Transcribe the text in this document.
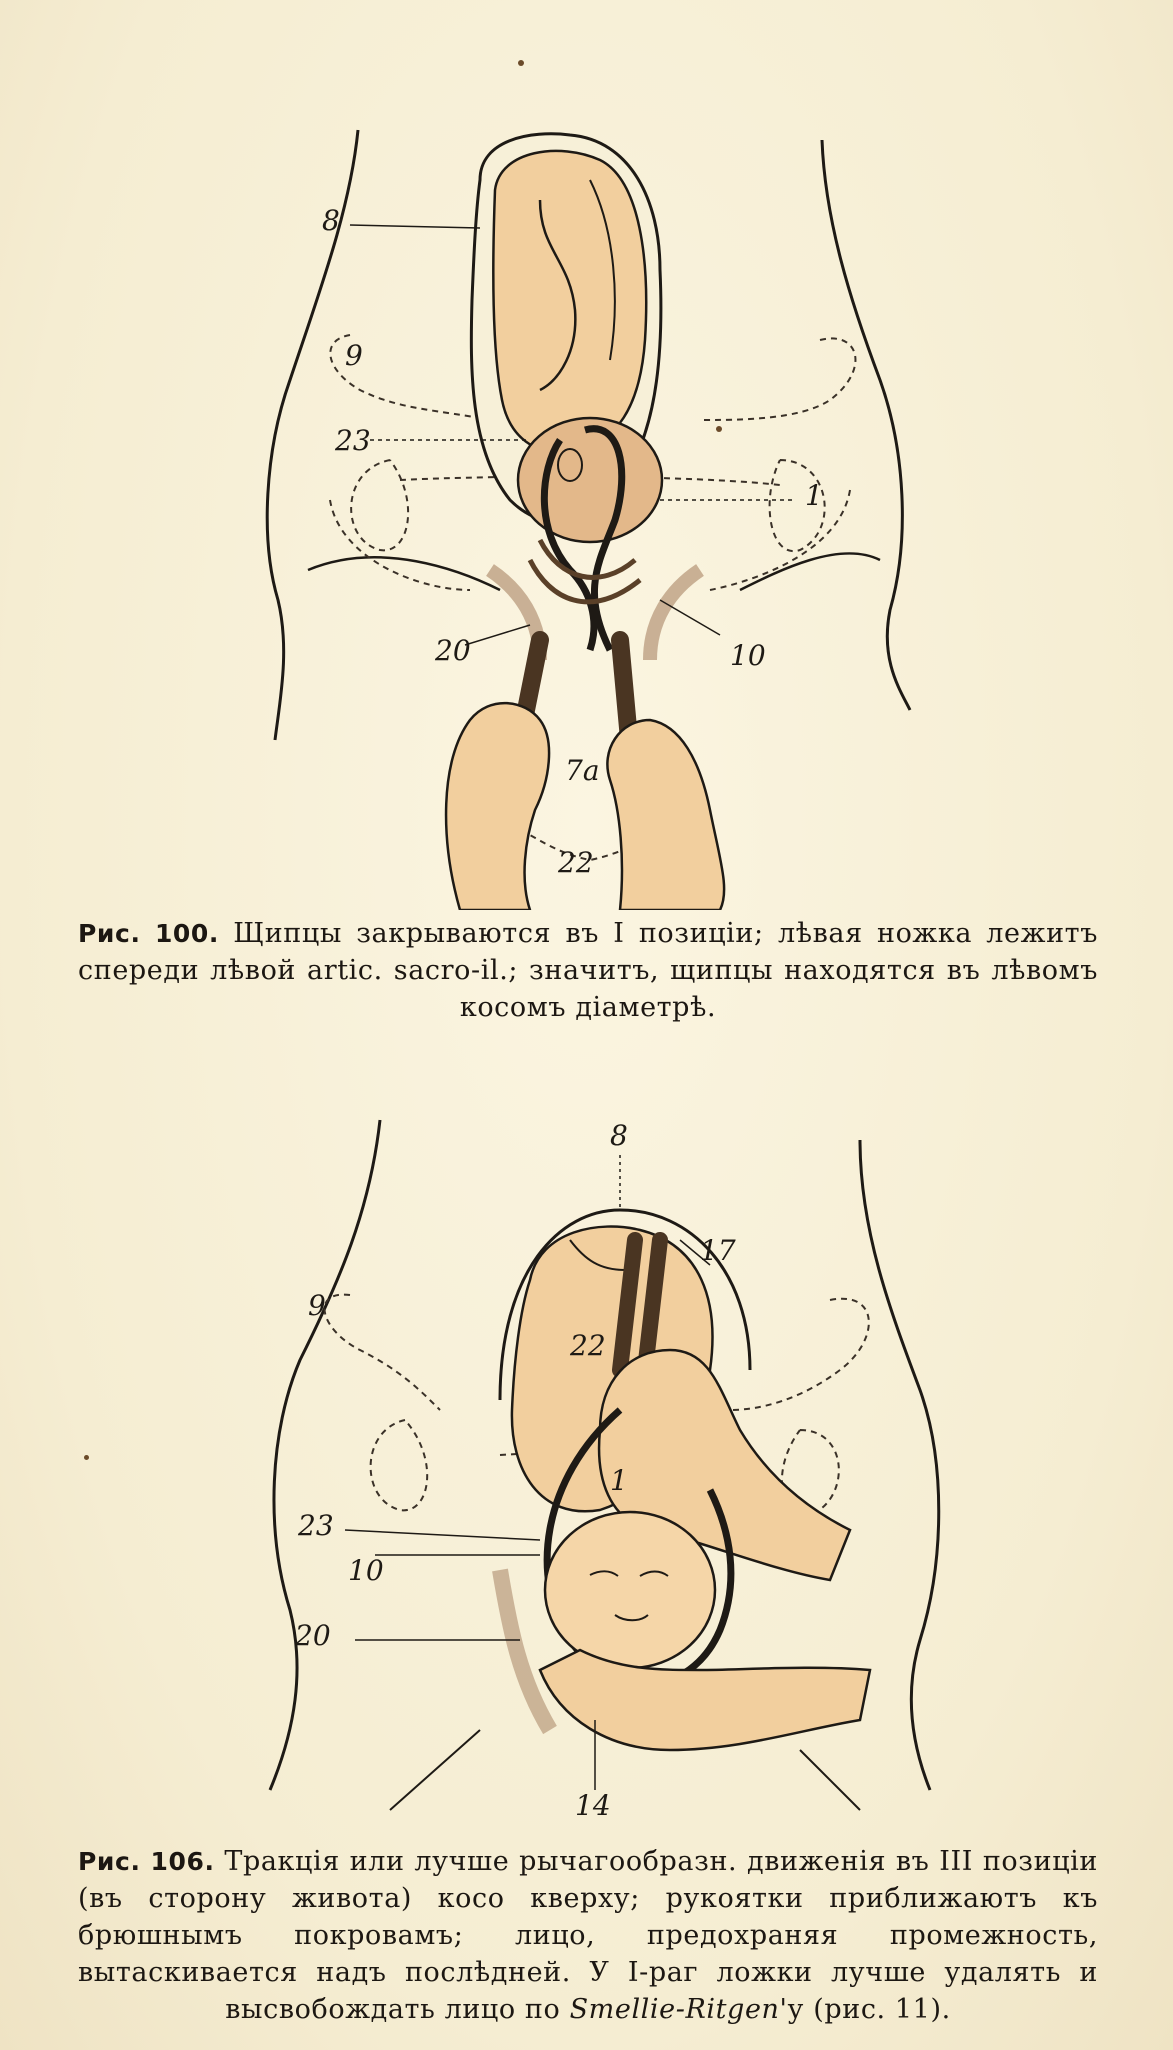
8
9
23
1
20	10
7a
22
Рис. 100. Щипцы закрываются въ I позиціи; лѣвая ножка лежитъ спереди лѣвой artic. sacro-il.; значитъ, щипцы находятся въ лѣвомъ косомъ діаметрѣ.
8
17
9
22
1
23
10
20
14
Рис. 106. Тракція или лучше рычагообразн. движенія въ III позиціи (въ сторону живота) косо кверху; рукоятки приближаютъ къ брюшнымъ покровамъ; лицо, предохраняя промежность, вытаскивается надъ послѣдней. У I-раг ложки лучше удалять и высвобождать лицо по Smellie-Ritgen'у (рис. 11).
